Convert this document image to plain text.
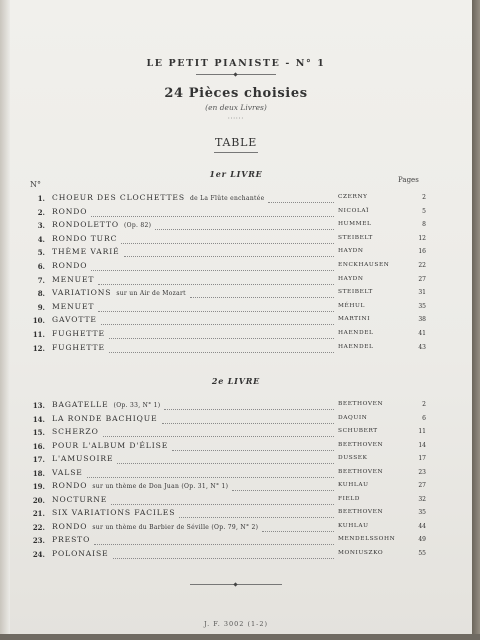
LE PETIT PIANISTE - N° 1
24 Pièces choisies
(en deux Livres)
::::::
TABLE
1er LIVRE
N°	Pages
1. CHOEUR DES CLOCHETTES de La Flûte enchantée	CZERNY	2
2. RONDO	NICOLAÏ	5
3. RONDOLETTO (Op. 82)	HUMMEL	8
4. RONDO TURC	STEIBELT	12
5. THÈME VARIÉ	HAYDN	16
6. RONDO	ENCKHAUSEN	22
7. MENUET	HAYDN	27
8. VARIATIONS sur un Air de Mozart	STEIBELT	31
9. MENUET	MÉHUL	35
10. GAVOTTE	MARTINI	38
11. FUGHETTE	HAENDEL	41
12. FUGHETTE	HAENDEL	43
2e LIVRE
13. BAGATELLE (Op. 33, N° 1)	BEETHOVEN	2
14. LA RONDE BACHIQUE	DAQUIN	6
15. SCHERZO	SCHUBERT	11
16. POUR L'ALBUM D'ÉLISE	BEETHOVEN	14
17. L'AMUSOIRE	DUSSEK	17
18. VALSE	BEETHOVEN	23
19. RONDO sur un thème de Don Juan (Op. 31, N° 1)	KUHLAU	27
20. NOCTURNE	FIELD	32
21. SIX VARIATIONS FACILES	BEETHOVEN	35
22. RONDO sur un thème du Barbier de Séville (Op. 79, N° 2)	KUHLAU	44
23. PRESTO	MENDELSSOHN	49
24. POLONAISE	MONIUSZKO	55
J. F. 3002 (1-2)
